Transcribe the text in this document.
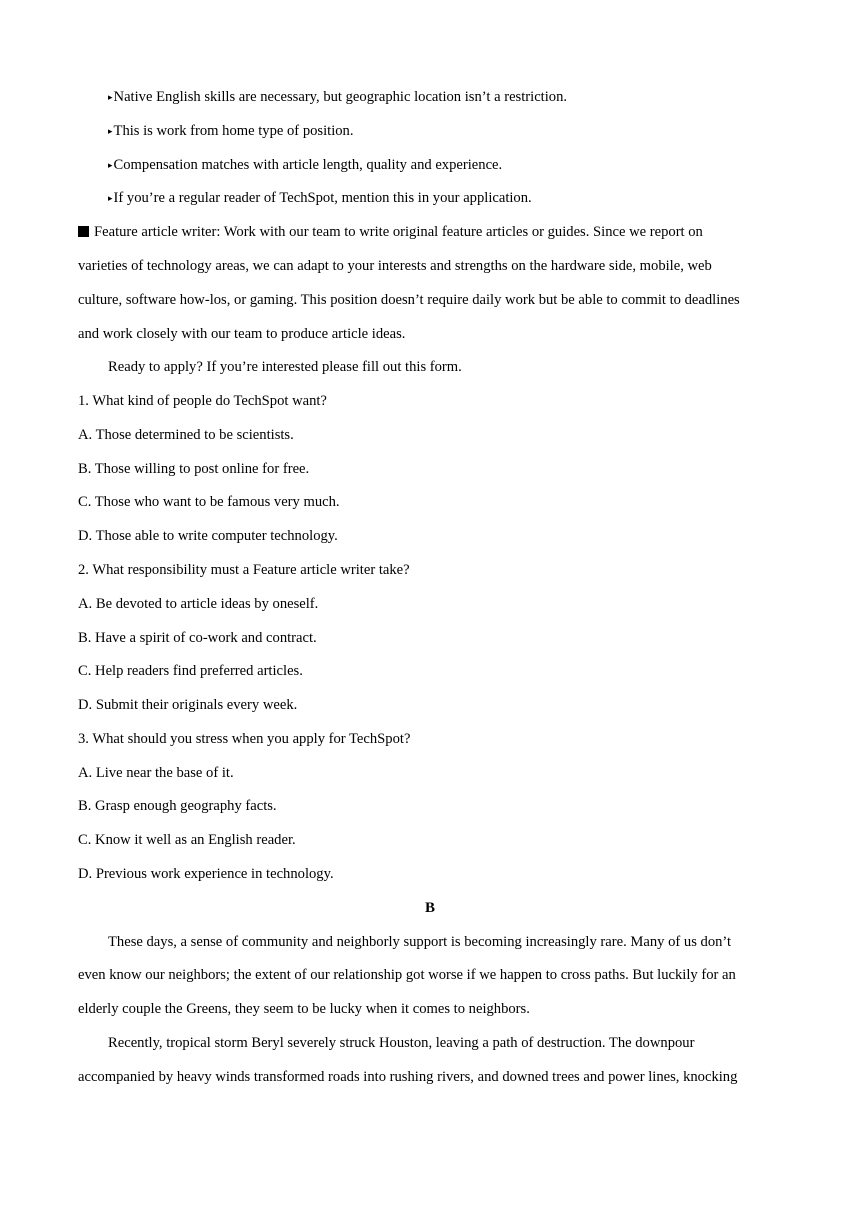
▸Native English skills are necessary, but geographic location isn’t a restriction.
▸This is work from home type of position.
▸Compensation matches with article length, quality and experience.
▸If you’re a regular reader of TechSpot, mention this in your application.
Feature article writer: Work with our team to write original feature articles or guides. Since we report on
varieties of technology areas, we can adapt to your interests and strengths on the hardware side, mobile, web
culture, software how-los, or gaming. This position doesn’t require daily work but be able to commit to deadlines
and work closely with our team to produce article ideas.
Ready to apply? If you’re interested please fill out this form.
1. What kind of people do TechSpot want?
A. Those determined to be scientists.
B. Those willing to post online for free.
C. Those who want to be famous very much.
D. Those able to write computer technology.
2. What responsibility must a Feature article writer take?
A. Be devoted to article ideas by oneself.
B. Have a spirit of co-work and contract.
C. Help readers find preferred articles.
D. Submit their originals every week.
3. What should you stress when you apply for TechSpot?
A. Live near the base of it.
B. Grasp enough geography facts.
C. Know it well as an English reader.
D. Previous work experience in technology.
B
These days, a sense of community and neighborly support is becoming increasingly rare. Many of us don’t
even know our neighbors; the extent of our relationship got worse if we happen to cross paths. But luckily for an
elderly couple the Greens, they seem to be lucky when it comes to neighbors.
Recently, tropical storm Beryl severely struck Houston, leaving a path of destruction. The downpour
accompanied by heavy winds transformed roads into rushing rivers, and downed trees and power lines, knocking
